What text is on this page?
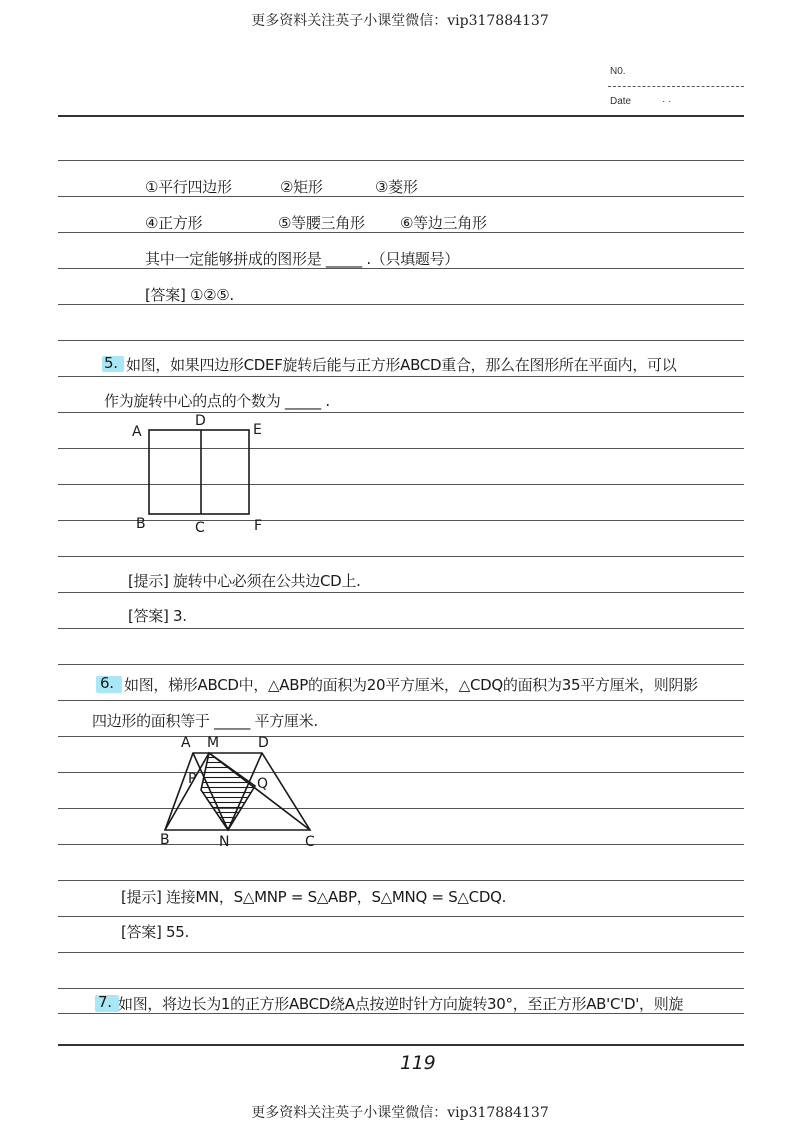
更多资料关注英子小课堂微信：vip317884137
N0.
Date	· ·
①平行四边形	②矩形	③菱形
④正方形	⑤等腰三角形 ⑥等边三角形
其中一定能够拼成的图形是 _____ .（只填题号）
[答案] ①②⑤.
5. 如图，如果四边形CDEF旋转后能与正方形ABCD重合，那么在图形所在平面内，可以
作为旋转中心的点的个数为 _____ .
A
D
E
B	C	F
[提示] 旋转中心必须在公共边CD上.
[答案] 3.
6. 如图，梯形ABCD中，△ABP的面积为20平方厘米，△CDQ的面积为35平方厘米，则阴影
四边形的面积等于 _____ 平方厘米.
A M	D
P	Q
B	N	C
[提示] 连接MN，S△MNP = S△ABP，S△MNQ = S△CDQ.
[答案] 55.
7. 如图，将边长为1的正方形ABCD绕A点按逆时针方向旋转30°，至正方形AB'C'D'，则旋
119
更多资料关注英子小课堂微信：vip317884137
